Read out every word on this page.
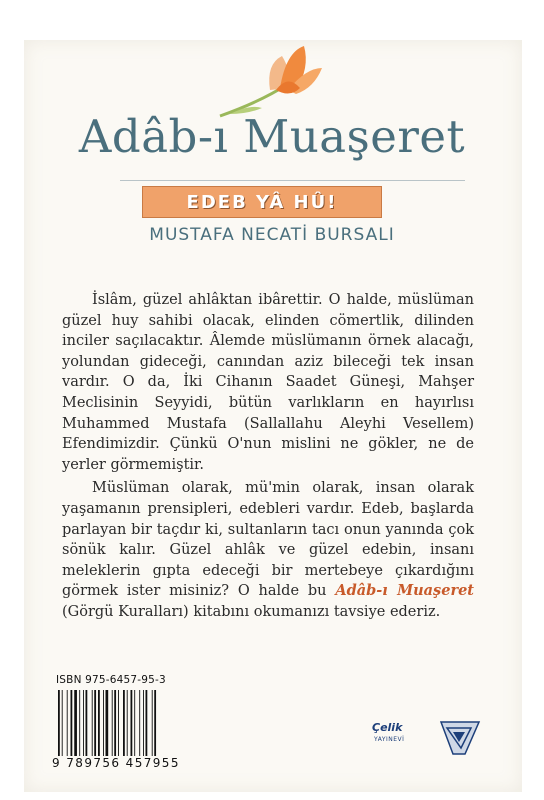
Adâb-ı Muaşeret
EDEB YÂ HÛ!
MUSTAFA NECATİ BURSALI

İslâm, güzel ahlâktan ibârettir. O halde, müslüman güzel huy sahibi olacak, elinden cömertlik, dilinden inciler saçılacaktır. Âlemde müslümanın örnek alacağı, yolundan gideceği, canından aziz bileceği tek insan vardır. O da, İki Cihanın Saadet Güneşi, Mahşer Meclisinin Seyyidi, bütün varlıkların en hayırlısı Muhammed Mustafa (Sallallahu Aleyhi Vesellem) Efendimizdir. Çünkü O'nun mislini ne gökler, ne de yerler görmemiştir.

Müslüman olarak, mü'min olarak, insan olarak yaşamanın prensipleri, edebleri vardır. Edeb, başlarda parlayan bir taçdır ki, sultanların tacı onun yanında çok sönük kalır. Güzel ahlâk ve güzel edebin, insanı meleklerin gıpta edeceği bir mertebeye çıkardığını görmek ister misiniz? O halde bu Adâb-ı Muaşeret (Görgü Kuralları) kitabını okumanızı tavsiye ederiz.

ISBN 975-6457-95-3
9 789756 457955
Çelik
YAYINEVİ
